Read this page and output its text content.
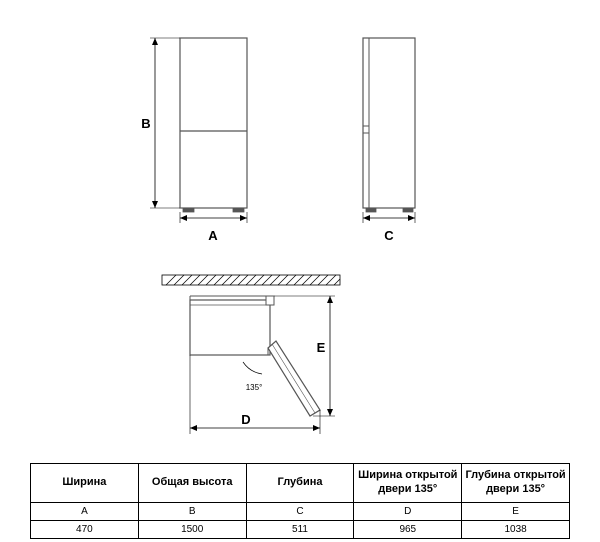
B
A	C
135°
E
D
Ширина	Общая высота	Глубина	Ширина открытой двери 135°	Глубина открытой двери 135°
A	B	C	D	E
470	1500	511	965	1038
